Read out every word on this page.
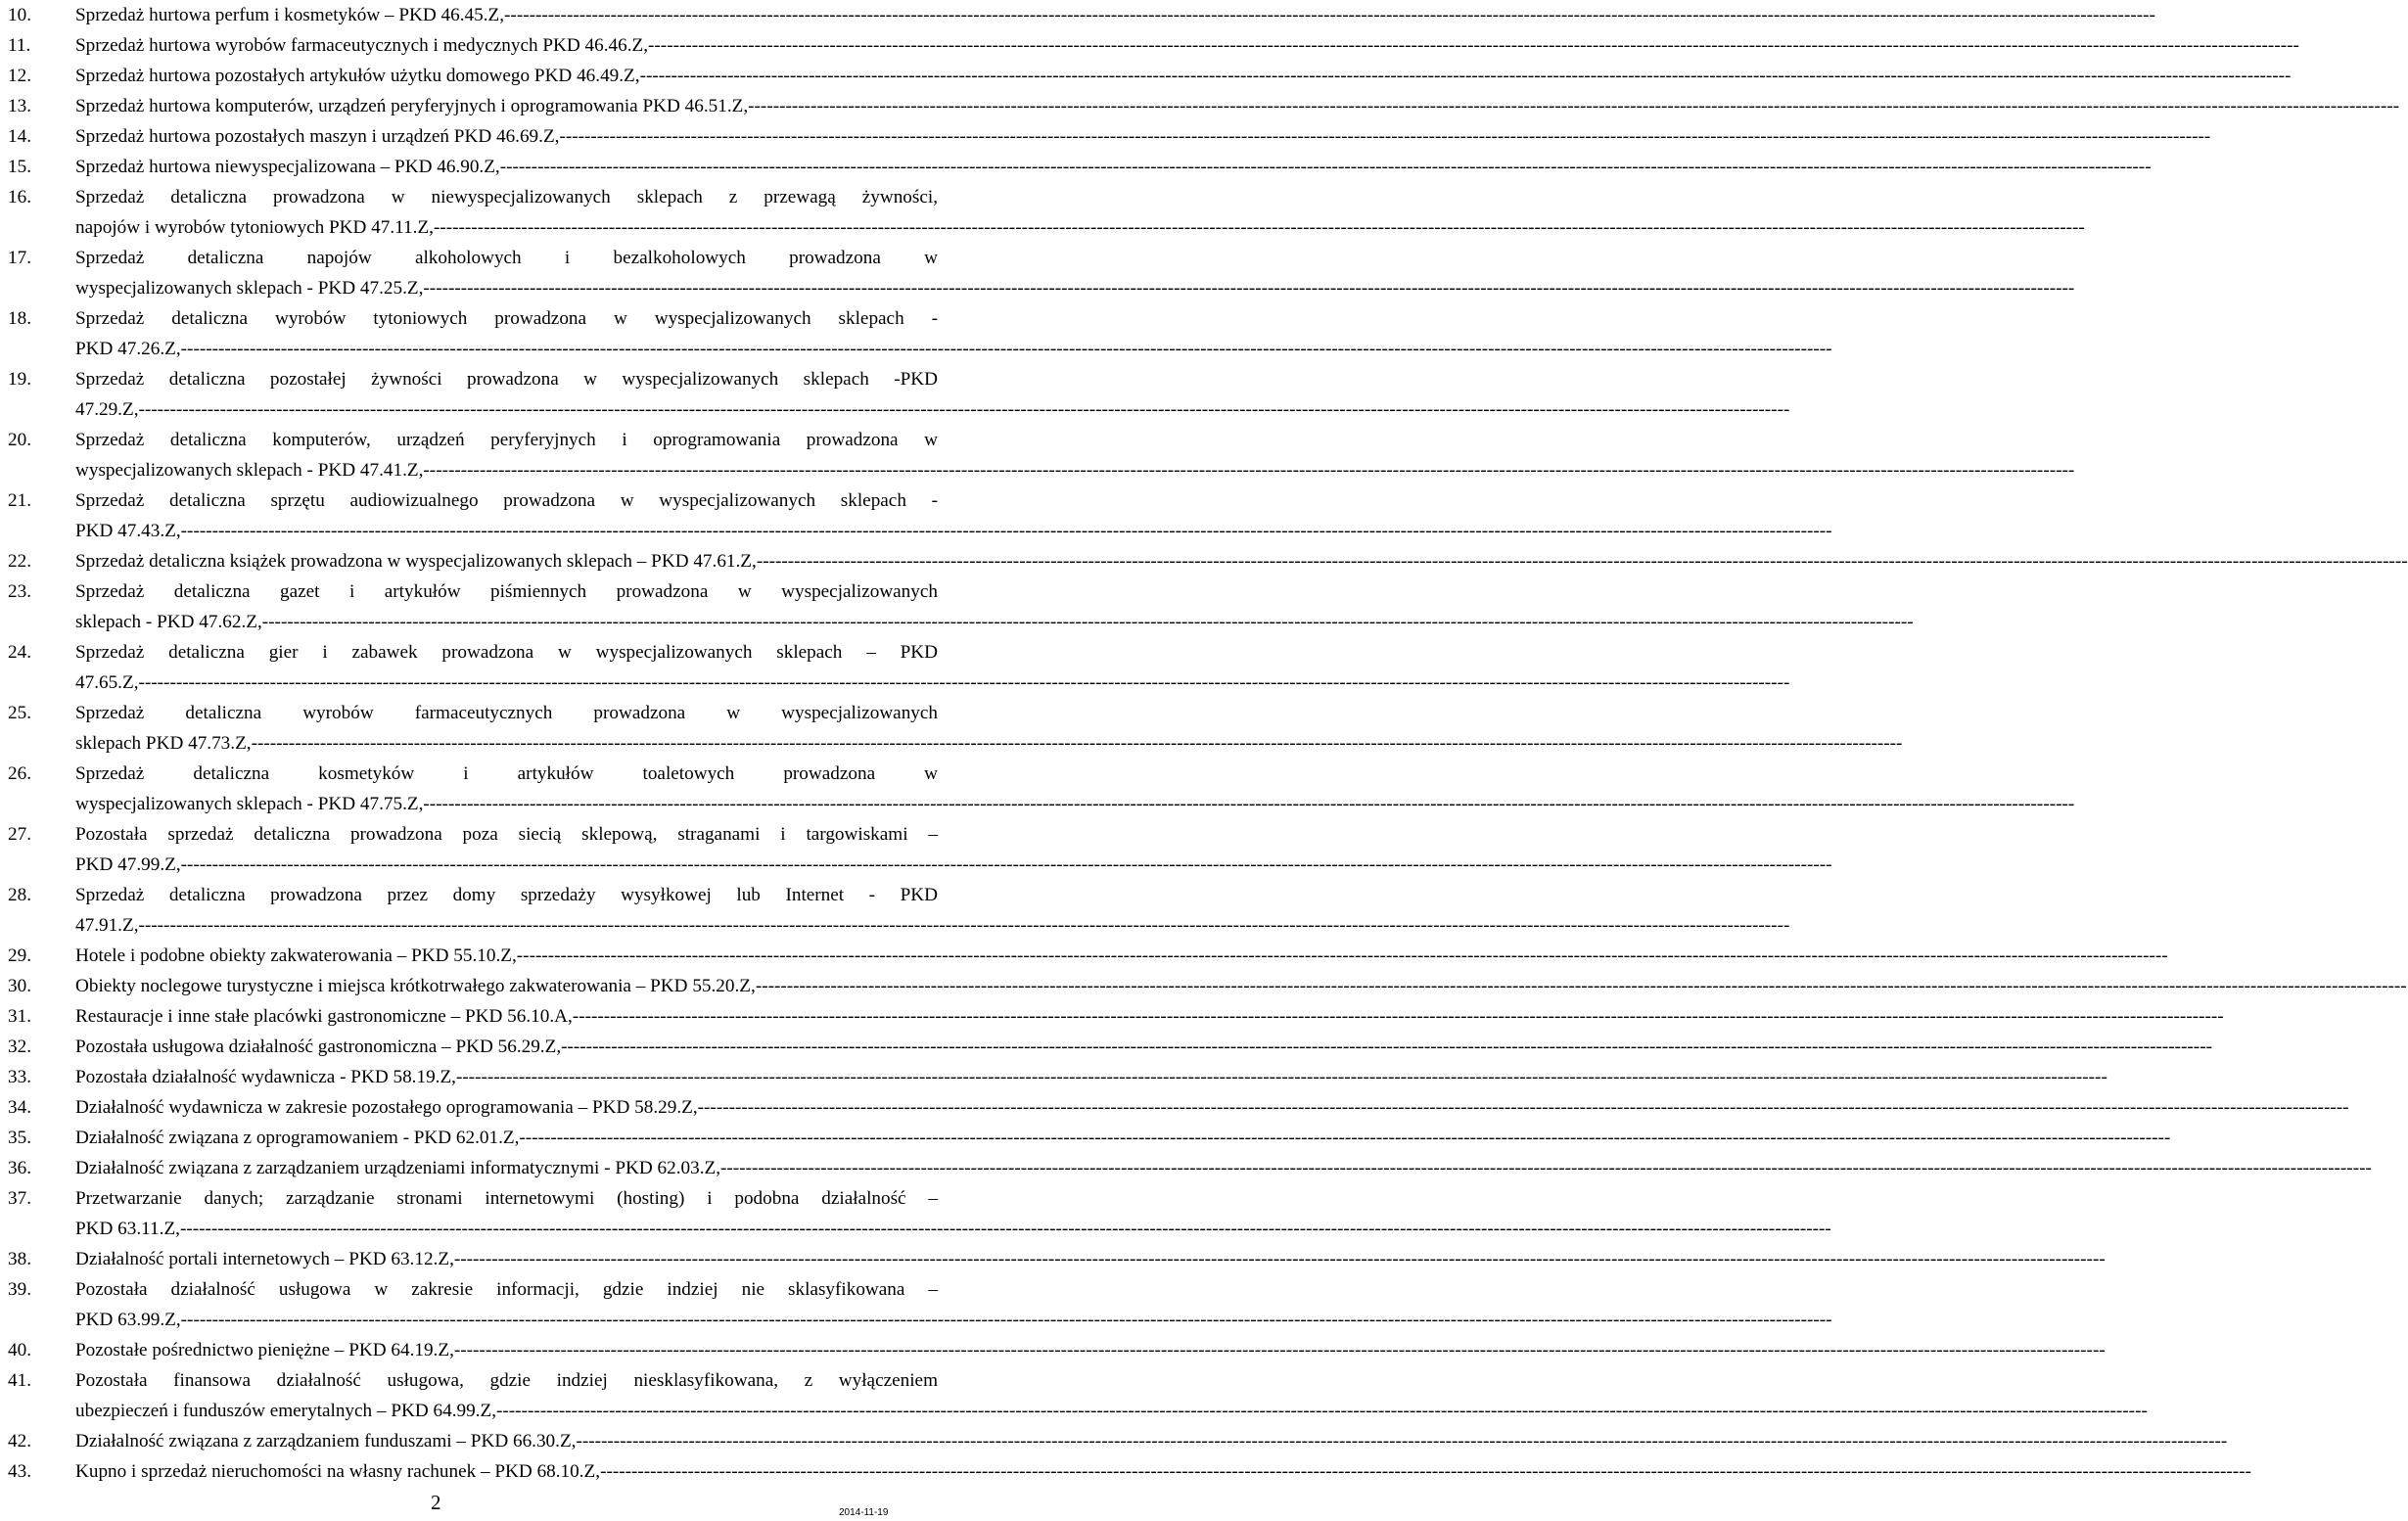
10.	Sprzedaż hurtowa perfum i kosmetyków – PKD 46.45.Z, ------------------------------------------------------------------------------------------------------------------------------------------------------------------------------------------------------------------------------------------------------------------------
11.	Sprzedaż hurtowa wyrobów farmaceutycznych i medycznych PKD 46.46.Z, ------------------------------------------------------------------------------------------------------------------------------------------------------------------------------------------------------------------------------------------------------------------------
12.	Sprzedaż hurtowa pozostałych artykułów użytku domowego PKD 46.49.Z, ------------------------------------------------------------------------------------------------------------------------------------------------------------------------------------------------------------------------------------------------------------------------
13.	Sprzedaż hurtowa komputerów, urządzeń peryferyjnych i oprogramowania PKD 46.51.Z, ------------------------------------------------------------------------------------------------------------------------------------------------------------------------------------------------------------------------------------------------------------------------
14.	Sprzedaż hurtowa pozostałych maszyn i urządzeń PKD 46.69.Z, ------------------------------------------------------------------------------------------------------------------------------------------------------------------------------------------------------------------------------------------------------------------------
15.	Sprzedaż hurtowa niewyspecjalizowana – PKD 46.90.Z, ------------------------------------------------------------------------------------------------------------------------------------------------------------------------------------------------------------------------------------------------------------------------
16.	Sprzedaż detaliczna prowadzona w niewyspecjalizowanych sklepach z przewagą żywności,
napojów i wyrobów tytoniowych PKD 47.11.Z, ------------------------------------------------------------------------------------------------------------------------------------------------------------------------------------------------------------------------------------------------------------------------
17.	Sprzedaż detaliczna napojów alkoholowych i bezalkoholowych prowadzona w
wyspecjalizowanych sklepach - PKD 47.25.Z, ------------------------------------------------------------------------------------------------------------------------------------------------------------------------------------------------------------------------------------------------------------------------
18.	Sprzedaż detaliczna wyrobów tytoniowych prowadzona w wyspecjalizowanych sklepach -
PKD 47.26.Z, ------------------------------------------------------------------------------------------------------------------------------------------------------------------------------------------------------------------------------------------------------------------------
19.	Sprzedaż detaliczna pozostałej żywności prowadzona w wyspecjalizowanych sklepach -PKD
47.29.Z, ------------------------------------------------------------------------------------------------------------------------------------------------------------------------------------------------------------------------------------------------------------------------
20.	Sprzedaż detaliczna komputerów, urządzeń peryferyjnych i oprogramowania prowadzona w
wyspecjalizowanych sklepach - PKD 47.41.Z, ------------------------------------------------------------------------------------------------------------------------------------------------------------------------------------------------------------------------------------------------------------------------
21.	Sprzedaż detaliczna sprzętu audiowizualnego prowadzona w wyspecjalizowanych sklepach -
PKD 47.43.Z, ------------------------------------------------------------------------------------------------------------------------------------------------------------------------------------------------------------------------------------------------------------------------
22.	Sprzedaż detaliczna książek prowadzona w wyspecjalizowanych sklepach – PKD 47.61.Z, ------------------------------------------------------------------------------------------------------------------------------------------------------------------------------------------------------------------------------------------------------------------------
23.	Sprzedaż detaliczna gazet i artykułów piśmiennych prowadzona w wyspecjalizowanych
sklepach - PKD 47.62.Z, ------------------------------------------------------------------------------------------------------------------------------------------------------------------------------------------------------------------------------------------------------------------------
24.	Sprzedaż detaliczna gier i zabawek prowadzona w wyspecjalizowanych sklepach – PKD
47.65.Z, ------------------------------------------------------------------------------------------------------------------------------------------------------------------------------------------------------------------------------------------------------------------------
25.	Sprzedaż detaliczna wyrobów farmaceutycznych prowadzona w wyspecjalizowanych
sklepach PKD 47.73.Z, ------------------------------------------------------------------------------------------------------------------------------------------------------------------------------------------------------------------------------------------------------------------------
26.	Sprzedaż detaliczna kosmetyków i artykułów toaletowych prowadzona w
wyspecjalizowanych sklepach - PKD 47.75.Z, ------------------------------------------------------------------------------------------------------------------------------------------------------------------------------------------------------------------------------------------------------------------------
27.	Pozostała sprzedaż detaliczna prowadzona poza siecią sklepową, straganami i targowiskami –
PKD 47.99.Z, ------------------------------------------------------------------------------------------------------------------------------------------------------------------------------------------------------------------------------------------------------------------------
28.	Sprzedaż detaliczna prowadzona przez domy sprzedaży wysyłkowej lub Internet - PKD
47.91.Z, ------------------------------------------------------------------------------------------------------------------------------------------------------------------------------------------------------------------------------------------------------------------------
29.	Hotele i podobne obiekty zakwaterowania – PKD 55.10.Z, ------------------------------------------------------------------------------------------------------------------------------------------------------------------------------------------------------------------------------------------------------------------------
30.	Obiekty noclegowe turystyczne i miejsca krótkotrwałego zakwaterowania – PKD 55.20.Z, ------------------------------------------------------------------------------------------------------------------------------------------------------------------------------------------------------------------------------------------------------------------------
31.	Restauracje i inne stałe placówki gastronomiczne – PKD 56.10.A, ------------------------------------------------------------------------------------------------------------------------------------------------------------------------------------------------------------------------------------------------------------------------
32.	Pozostała usługowa działalność gastronomiczna – PKD 56.29.Z, ------------------------------------------------------------------------------------------------------------------------------------------------------------------------------------------------------------------------------------------------------------------------
33.	Pozostała działalność wydawnicza - PKD 58.19.Z, ------------------------------------------------------------------------------------------------------------------------------------------------------------------------------------------------------------------------------------------------------------------------
34.	Działalność wydawnicza w zakresie pozostałego oprogramowania – PKD 58.29.Z, ------------------------------------------------------------------------------------------------------------------------------------------------------------------------------------------------------------------------------------------------------------------------
35.	Działalność związana z oprogramowaniem - PKD 62.01.Z, ------------------------------------------------------------------------------------------------------------------------------------------------------------------------------------------------------------------------------------------------------------------------
36.	Działalność związana z zarządzaniem urządzeniami informatycznymi - PKD 62.03.Z, ------------------------------------------------------------------------------------------------------------------------------------------------------------------------------------------------------------------------------------------------------------------------
37.	Przetwarzanie danych; zarządzanie stronami internetowymi (hosting) i podobna działalność –
PKD 63.11.Z, ------------------------------------------------------------------------------------------------------------------------------------------------------------------------------------------------------------------------------------------------------------------------
38.	Działalność portali internetowych – PKD 63.12.Z, ------------------------------------------------------------------------------------------------------------------------------------------------------------------------------------------------------------------------------------------------------------------------
39.	Pozostała działalność usługowa w zakresie informacji, gdzie indziej nie sklasyfikowana –
PKD 63.99.Z, ------------------------------------------------------------------------------------------------------------------------------------------------------------------------------------------------------------------------------------------------------------------------
40.	Pozostałe pośrednictwo pieniężne – PKD 64.19.Z, ------------------------------------------------------------------------------------------------------------------------------------------------------------------------------------------------------------------------------------------------------------------------
41.	Pozostała finansowa działalność usługowa, gdzie indziej niesklasyfikowana, z wyłączeniem
ubezpieczeń i funduszów emerytalnych – PKD 64.99.Z, ------------------------------------------------------------------------------------------------------------------------------------------------------------------------------------------------------------------------------------------------------------------------
42.	Działalność związana z zarządzaniem funduszami – PKD 66.30.Z, ------------------------------------------------------------------------------------------------------------------------------------------------------------------------------------------------------------------------------------------------------------------------
43.	Kupno i sprzedaż nieruchomości na własny rachunek – PKD 68.10.Z, ------------------------------------------------------------------------------------------------------------------------------------------------------------------------------------------------------------------------------------------------------------------------
2	2014-11-19
